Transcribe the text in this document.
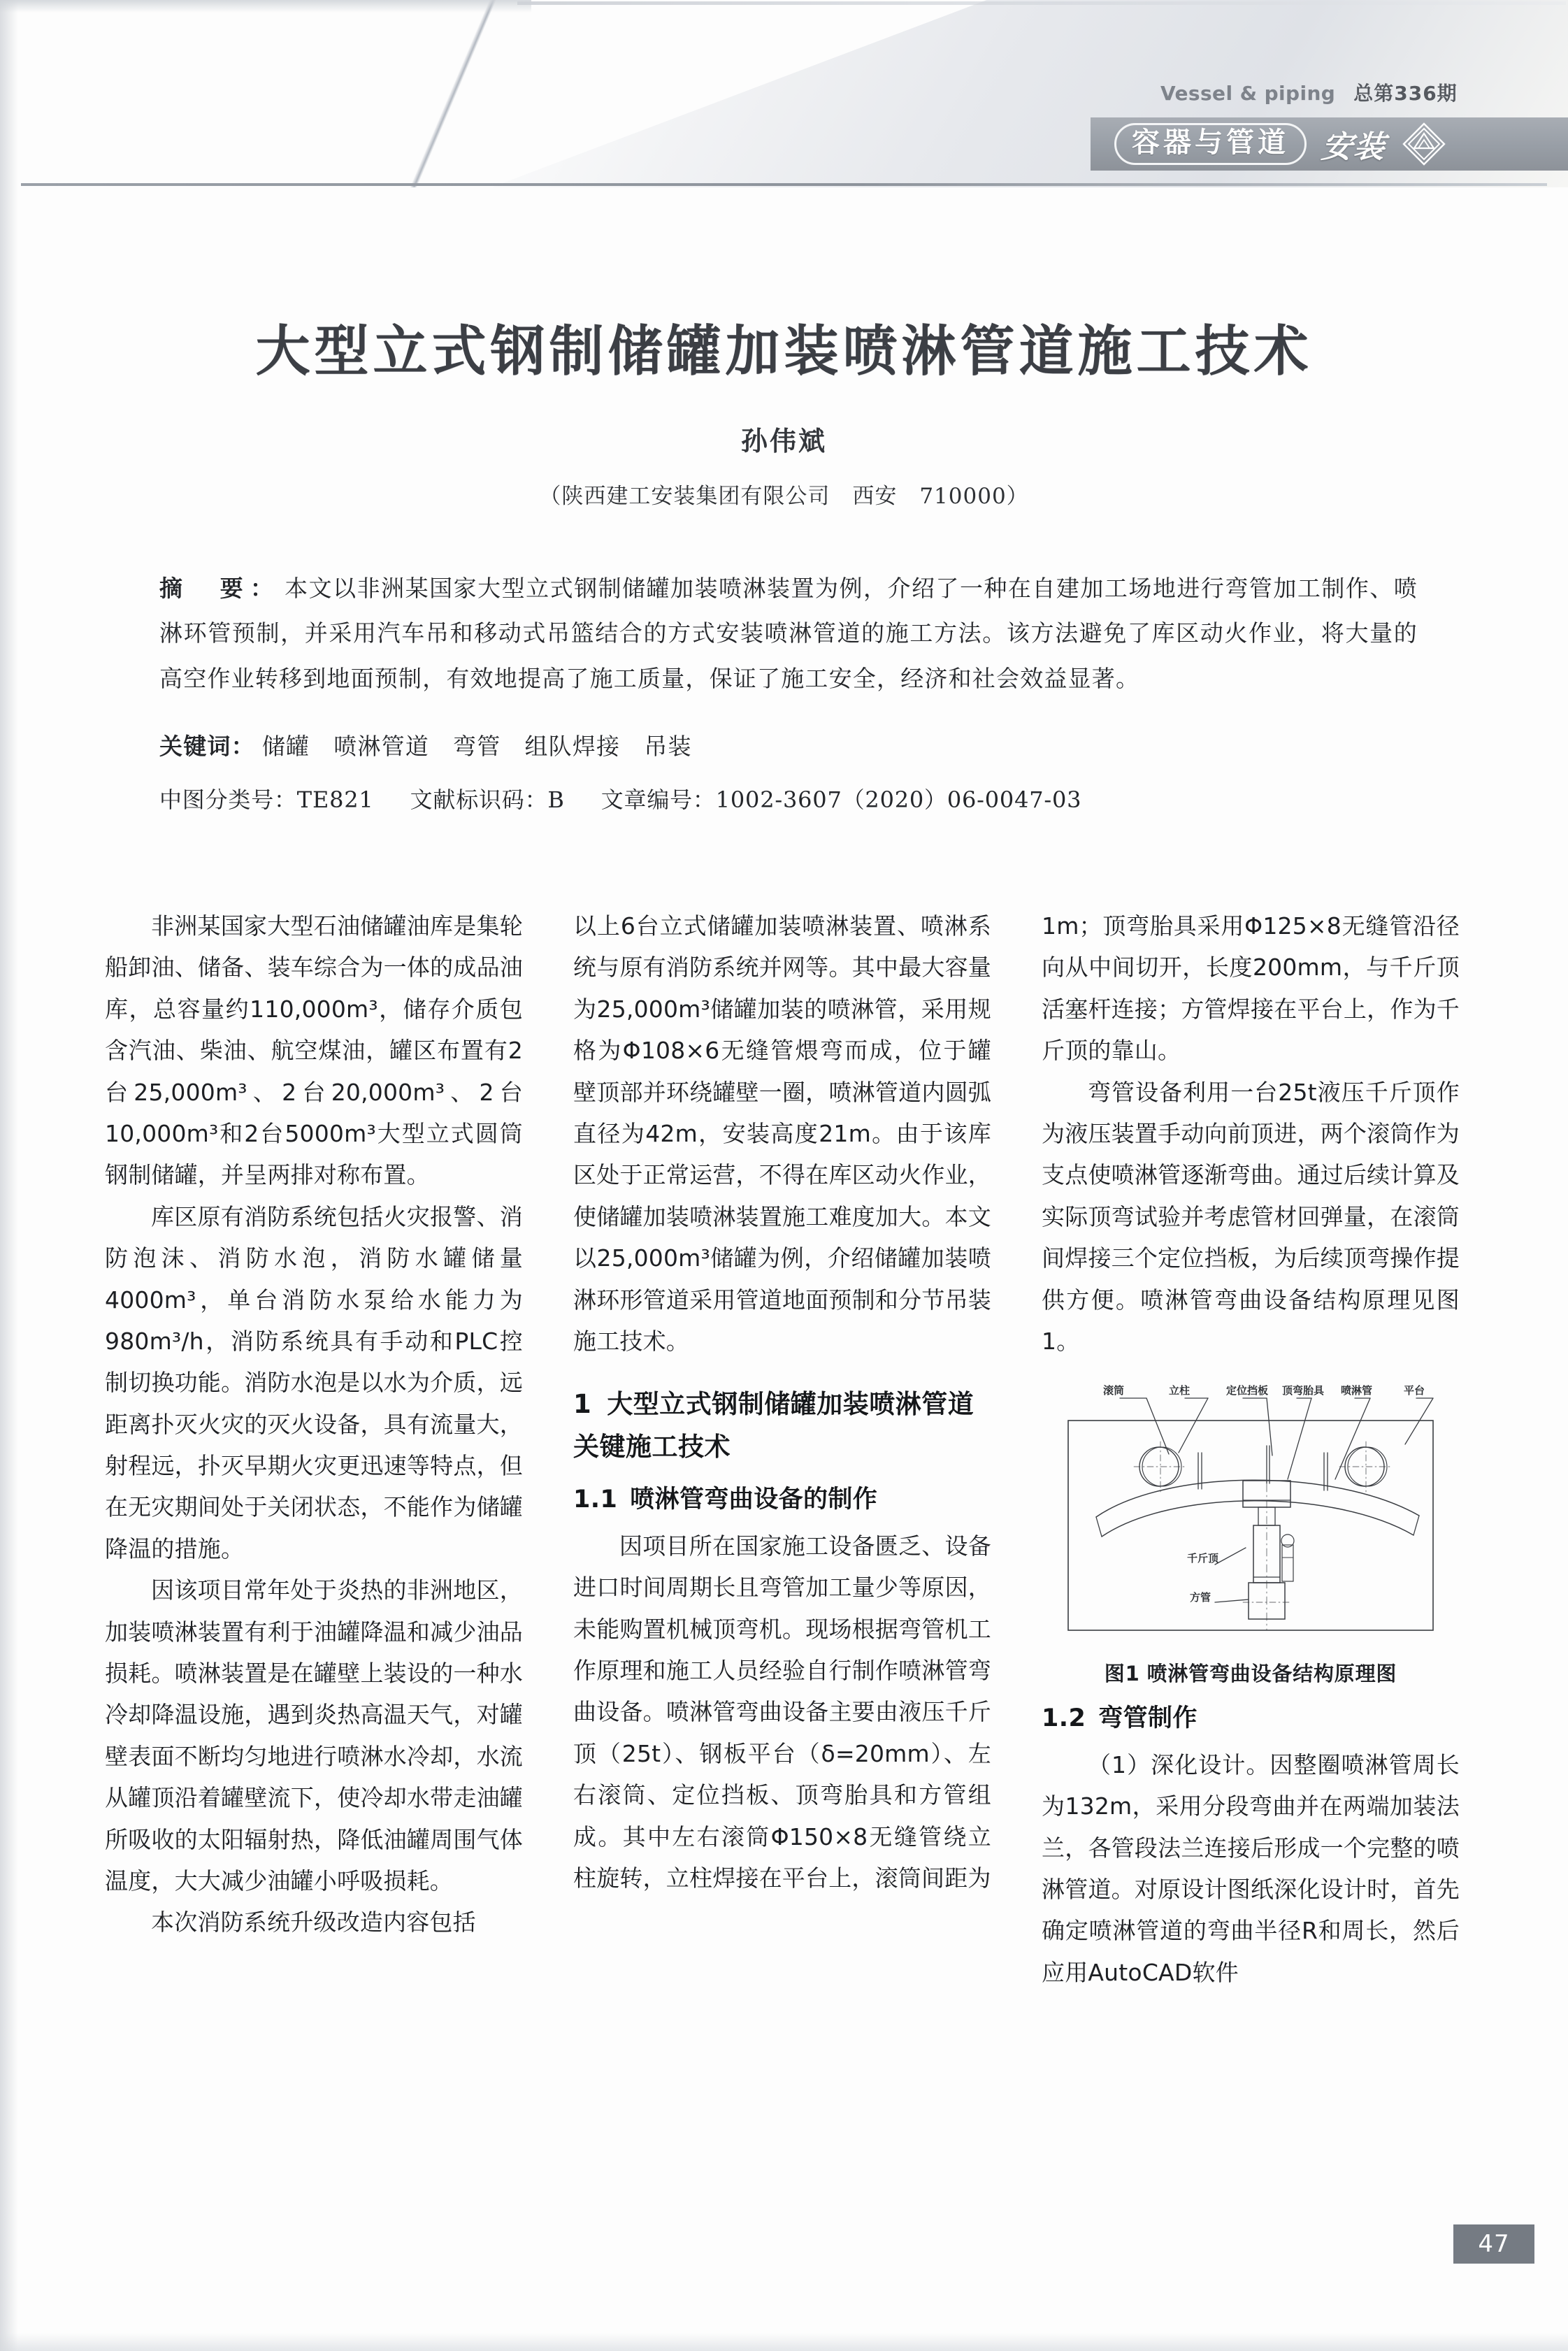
Vessel & piping 总第336期
容器与管道 安装
大型立式钢制储罐加装喷淋管道施工技术
孙伟斌
（陕西建工安装集团有限公司　西安　710000）

摘　要： 本文以非洲某国家大型立式钢制储罐加装喷淋装置为例，介绍了一种在自建加工场地进行弯管加工制作、喷淋环管预制，并采用汽车吊和移动式吊篮结合的方式安装喷淋管道的施工方法。该方法避免了库区动火作业，将大量的高空作业转移到地面预制，有效地提高了施工质量，保证了施工安全，经济和社会效益显著。

关键词： 储罐 喷淋管道 弯管 组队焊接 吊装
中图分类号：TE821 文献标识码：B 文章编号：1002-3607（2020）06-0047-03

非洲某国家大型石油储罐油库是集轮船卸油、储备、装车综合为一体的成品油库，总容量约110,000m³，储存介质包含汽油、柴油、航空煤油，罐区布置有2台25,000m³、2台20,000m³、2台10,000m³和2台5000m³大型立式圆筒钢制储罐，并呈两排对称布置。

库区原有消防系统包括火灾报警、消防泡沫、消防水泡，消防水罐储量4000m³，单台消防水泵给水能力为980m³/h，消防系统具有手动和PLC控制切换功能。消防水泡是以水为介质，远距离扑灭火灾的灭火设备，具有流量大，射程远，扑灭早期火灾更迅速等特点，但在无灾期间处于关闭状态，不能作为储罐降温的措施。

因该项目常年处于炎热的非洲地区，加装喷淋装置有利于油罐降温和减少油品损耗。喷淋装置是在罐壁上装设的一种水冷却降温设施，遇到炎热高温天气，对罐壁表面不断均匀地进行喷淋水冷却，水流从罐顶沿着罐壁流下，使冷却水带走油罐所吸收的太阳辐射热，降低油罐周围气体温度，大大减少油罐小呼吸损耗。

本次消防系统升级改造内容包括

以上6台立式储罐加装喷淋装置、喷淋系统与原有消防系统并网等。其中最大容量为25,000m³储罐加装的喷淋管，采用规格为Φ108×6无缝管煨弯而成，位于罐壁顶部并环绕罐壁一圈，喷淋管道内圆弧直径为42m，安装高度21m。由于该库区处于正常运营，不得在库区动火作业，使储罐加装喷淋装置施工难度加大。本文以25,000m³储罐为例，介绍储罐加装喷淋环形管道采用管道地面预制和分节吊装施工技术。

1 大型立式钢制储罐加装喷淋管道关键施工技术
1.1 喷淋管弯曲设备的制作

因项目所在国家施工设备匮乏、设备进口时间周期长且弯管加工量少等原因，未能购置机械顶弯机。现场根据弯管机工作原理和施工人员经验自行制作喷淋管弯曲设备。喷淋管弯曲设备主要由液压千斤顶（25t）、钢板平台（δ=20mm）、左右滚筒、定位挡板、顶弯胎具和方管组成。其中左右滚筒Φ150×8无缝管绕立柱旋转，立柱焊接在平台上，滚筒间距为

1m；顶弯胎具采用Φ125×8无缝管沿径向从中间切开，长度200mm，与千斤顶活塞杆连接；方管焊接在平台上，作为千斤顶的靠山。

弯管设备利用一台25t液压千斤顶作为液压装置手动向前顶进，两个滚筒作为支点使喷淋管逐渐弯曲。通过后续计算及实际顶弯试验并考虑管材回弹量，在滚筒间焊接三个定位挡板，为后续顶弯操作提供方便。喷淋管弯曲设备结构原理见图1。

滚筒	立柱	定位挡板 顶弯胎具 喷淋管	平台
千斤顶
方管
图1 喷淋管弯曲设备结构原理图
1.2 弯管制作

（1）深化设计。因整圈喷淋管周长为132m，采用分段弯曲并在两端加装法兰，各管段法兰连接后形成一个完整的喷淋管道。对原设计图纸深化设计时，首先确定喷淋管道的弯曲半径R和周长，然后应用AutoCAD软件

47
